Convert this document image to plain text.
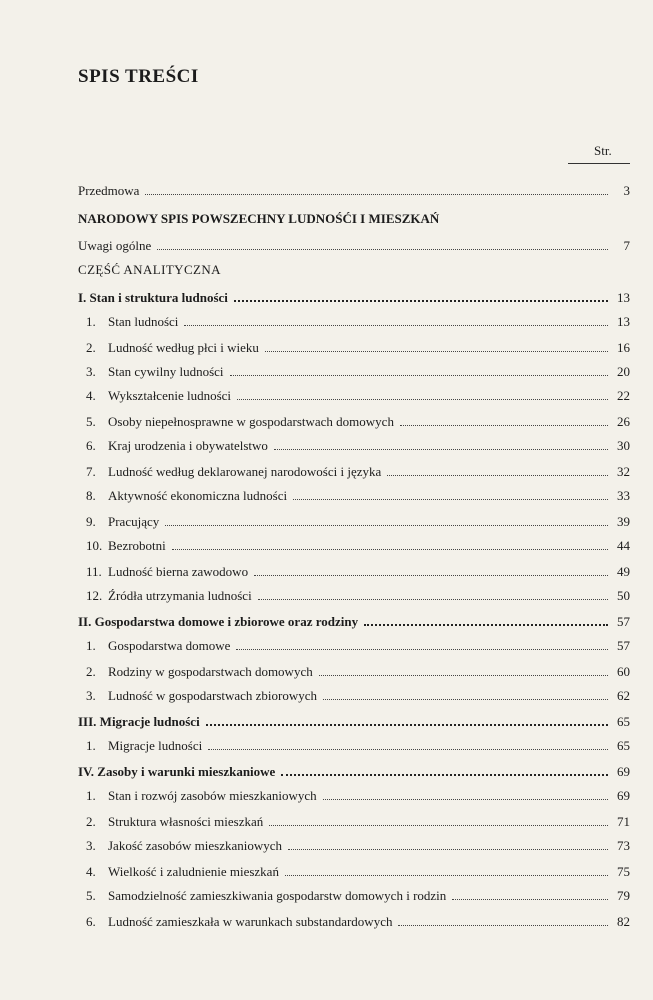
SPIS TREŚCI
Str.
Przedmowa	3
NARODOWY SPIS POWSZECHNY LUDNOŚĆI I MIESZKAŃ
Uwagi ogólne	7
CZĘŚĆ ANALITYCZNA
I. Stan i struktura ludności	13
1. Stan ludności	13
2. Ludność według płci i wieku	16
3. Stan cywilny ludności	20
4. Wykształcenie ludności	22
5. Osoby niepełnosprawne w gospodarstwach domowych	26
6. Kraj urodzenia i obywatelstwo	30
7. Ludność według deklarowanej narodowości i języka	32
8. Aktywność ekonomiczna ludności	33
9. Pracujący	39
10. Bezrobotni	44
11. Ludność bierna zawodowo	49
12. Źródła utrzymania ludności	50
II. Gospodarstwa domowe i zbiorowe oraz rodziny	57
1. Gospodarstwa domowe	57
2. Rodziny w gospodarstwach domowych	60
3. Ludność w gospodarstwach zbiorowych	62
III. Migracje ludności	65
1. Migracje ludności	65
IV. Zasoby i warunki mieszkaniowe	69
1. Stan i rozwój zasobów mieszkaniowych	69
2. Struktura własności mieszkań	71
3. Jakość zasobów mieszkaniowych	73
4. Wielkość i zaludnienie mieszkań	75
5. Samodzielność zamieszkiwania gospodarstw domowych i rodzin	79
6. Ludność zamieszkała w warunkach substandardowych	82
